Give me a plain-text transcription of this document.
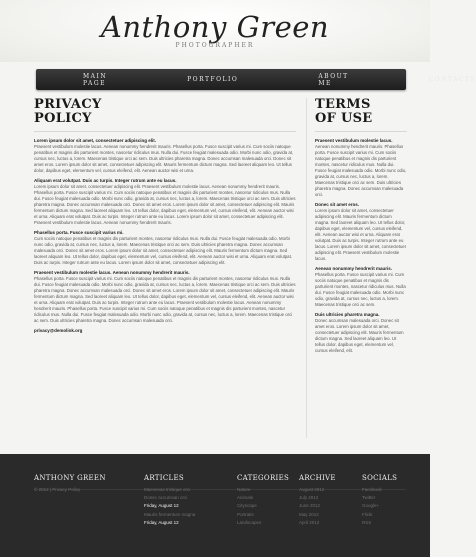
Anthony Green
PHOTOGRAPHER
MAIN PAGE	PORTFOLIO	ABOUT ME	CONTACTS
PRIVACY
POLICY
Lorem ipsum dolor sit amet, consectetuer adipiscing elit.
Praesent vestibulum molestie lacus. Aenean nonummy hendrerit mauris. Phasellus porta. Fusce suscipit varius mi. Cum sociis natoque penatibus et magnis dis parturient montes, nascetur ridiculus mus. Nulla dui. Fusce feugiat malesuada odio. Morbi nunc odio, gravida at, cursus nec, luctus a, lorem. Maecenas tristique orci ac sem. Duis ultricies pharetra magna. Donec accumsan malesuada orci. Donec sit amet eros. Lorem ipsum dolor sit amet, consectetuer adipiscing elit. Mauris fermentum dictum magna. Sed laoreet aliquam leo. Ut tellus dolor, dapibus eget, elementum vel, cursus eleifend, elit. Aenean auctor wisi et urna.
Aliquam erat volutpat. Duis ac turpis. Integer rutrum ante eu lacus.
Lorem ipsum dolor sit amet, consectetuer adipiscing elit. Praesent vestibulum molestie lacus. Aenean nonummy hendrerit mauris. Phasellus porta. Fusce suscipit varius mi. Cum sociis natoque penatibus et magnis dis parturient montes, nascetur ridiculus mus. Nulla dui. Fusce feugiat malesuada odio. Morbi nunc odio, gravida at, cursus nec, luctus a, lorem. Maecenas tristique orci ac sem. Duis ultricies pharetra magna. Donec accumsan malesuada orci. Donec sit amet eros. Lorem ipsum dolor sit amet, consectetuer adipiscing elit. Mauris fermentum dictum magna. Sed laoreet aliquam leo. Ut tellus dolor, dapibus eget, elementum vel, cursus eleifend, elit. Aenean auctor wisi et urna. Aliquam erat volutpat. Duis ac turpis. Integer rutrum ante eu lacus. Lorem ipsum dolor sit amet, consectetuer adipiscing elit. Praesent vestibulum molestie lacus. Aenean nonummy hendrerit mauris.
Phasellus porta. Fusce suscipit varius mi.
Cum sociis natoque penatibus et magnis dis parturient montes, nascetur ridiculus mus. Nulla dui. Fusce feugiat malesuada odio. Morbi nunc odio, gravida at, cursus nec, luctus a, lorem. Maecenas tristique orci ac sem. Duis ultricies pharetra magna. Donec accumsan malesuada orci. Donec sit amet eros. Lorem ipsum dolor sit amet, consectetuer adipiscing elit. Mauris fermentum dictum magna. Sed laoreet aliquam leo. Ut tellus dolor, dapibus eget, elementum vel, cursus eleifend, elit. Aenean auctor wisi et urna. Aliquam erat volutpat. Duis ac turpis. Integer rutrum ante eu lacus. Lorem ipsum dolor sit amet, consectetuer adipiscing elit.
Praesent vestibulum molestie lacus. Aenean nonummy hendrerit mauris.
Phasellus porta. Fusce suscipit varius mi. Cum sociis natoque penatibus et magnis dis parturient montes, nascetur ridiculus mus. Nulla dui. Fusce feugiat malesuada odio. Morbi nunc odio, gravida at, cursus nec, luctus a, lorem. Maecenas tristique orci ac sem. Duis ultricies pharetra magna. Donec accumsan malesuada orci. Donec sit amet eros. Lorem ipsum dolor sit amet, consectetuer adipiscing elit. Mauris fermentum dictum magna. Sed laoreet aliquam leo. Ut tellus dolor, dapibus eget, elementum vel, cursus eleifend, elit. Aenean auctor wisi et urna. Aliquam erat volutpat. Duis ac turpis. Integer rutrum ante eu lacus. Praesent vestibulum molestie lacus. Aenean nonummy hendrerit mauris. Phasellus porta. Fusce suscipit varius mi. Cum sociis natoque penatibus et magnis dis parturient montes, nascetur ridiculus mus. Nulla dui. Fusce feugiat malesuada odio. Morbi nunc odio, gravida at, cursus nec, luctus a, lorem. Maecenas tristique orci ac sem. Duis ultricies pharetra magna. Donec accumsan malesuada orci.
privacy@demolink.org
TERMS
OF USE
Praesent vestibulum molestie lacus.
Aenean nonummy hendrerit mauris. Phasellus porta. Fusce suscipit varius mi. Cum sociis natoque penatibus et magnis dis parturient montes, nascetur ridiculus mus. Nulla dui. Fusce feugiat malesuada odio. Morbi nunc odio, gravida at, cursus nec, luctus a, lorem. Maecenas tristique orci ac sem. Duis ultricies pharetra magna. Donec accumsan malesuada orci.
Donec sit amet eros.
Lorem ipsum dolor sit amet, consectetuer adipiscing elit. Mauris fermentum dictum magna. Sed laoreet aliquam leo. Ut tellus dolor, dapibus eget, elementum vel, cursus eleifend, elit. Aenean auctor wisi et urna. Aliquam erat volutpat. Duis ac turpis. Integer rutrum ante eu lacus. Lorem ipsum dolor sit amet, consectetuer adipiscing elit. Praesent vestibulum molestie lacus.
Aenean nonummy hendrerit mauris.
Phasellus porta. Fusce suscipit varius mi. Cum sociis natoque penatibus et magnis dis parturient montes, nascetur ridiculus mus. Nulla dui. Fusce feugiat malesuada odio. Morbi nunc odio, gravida at, cursus nec, luctus a, lorem. Maecenas tristique orci ac sem.
Duis ultricies pharetra magna.
Donec accumsan malesuada orci. Donec sit amet eros. Lorem ipsum dolor sit amet, consectetuer adipiscing elit. Mauris fermentum dictum magna. Sed laoreet aliquam leo. Ut tellus dolor, dapibus eget, elementum vel, cursus eleifend, elit.
ANTHONY GREEN
© 2012 | Privacy Policy
ARTICLES
Maecenas tristique orci
Donec accumsan orci
Friday, August 12
Mauris fermentum magna
Friday, August 12
CATEGORIES
Nature
Animals
Cityscape
Portraits
Landscapes
ARCHIVE
August 2012
July 2012
June 2012
May 2012
April 2012
SOCIALS
Facebook
Twitter
Google+
Flickr
RSS
